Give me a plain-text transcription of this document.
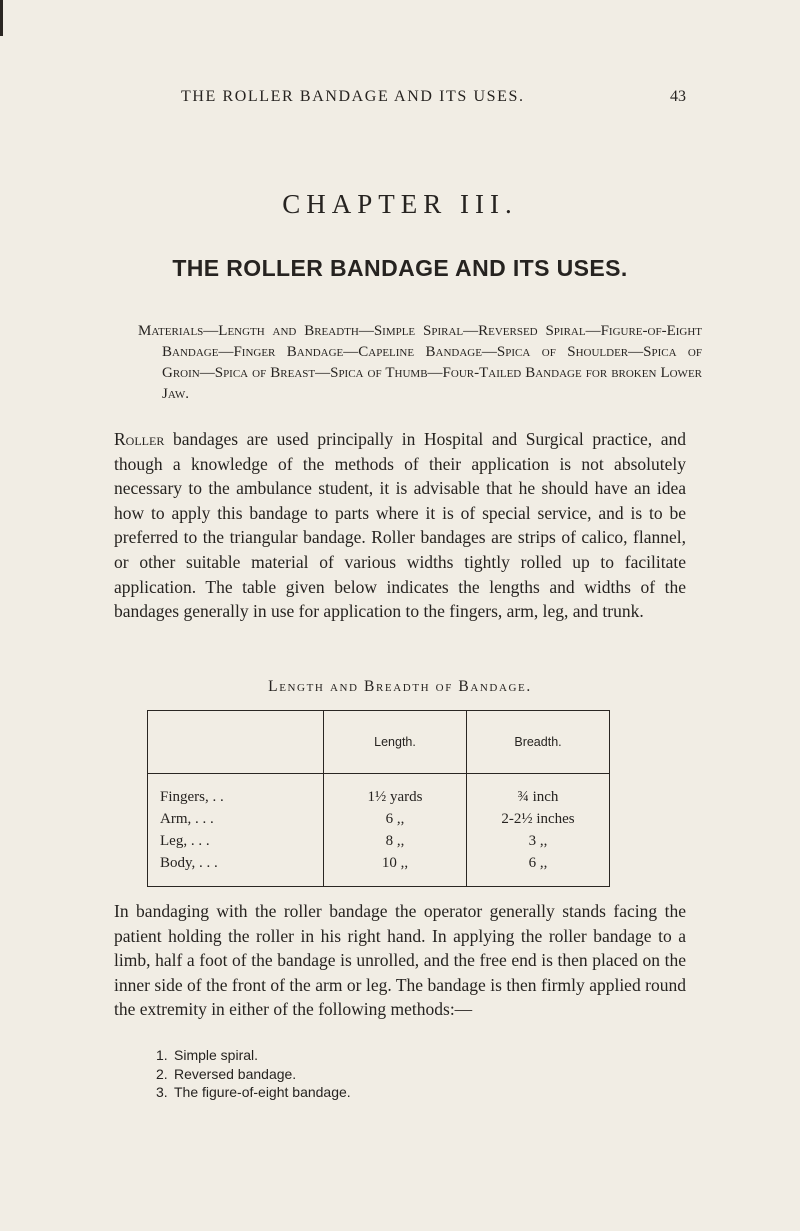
THE ROLLER BANDAGE AND ITS USES.	43
CHAPTER III.
THE ROLLER BANDAGE AND ITS USES.
Materials—Length and Breadth—Simple Spiral—Reversed Spiral—Figure-of-Eight Bandage—Finger Bandage—Capeline Bandage—Spica of Shoulder—Spica of Groin—Spica of Breast—Spica of Thumb—Four-Tailed Bandage for broken Lower Jaw.
Roller bandages are used principally in Hospital and Surgical practice, and though a knowledge of the methods of their application is not absolutely necessary to the ambulance student, it is advisable that he should have an idea how to apply this bandage to parts where it is of special service, and is to be preferred to the triangular bandage. Roller bandages are strips of calico, flannel, or other suitable material of various widths tightly rolled up to facilitate application. The table given below indicates the lengths and widths of the bandages generally in use for application to the fingers, arm, leg, and trunk.
Length and Breadth of Bandage.
	Length.	Breadth.
Fingers, . .	1½ yards	¾ inch
Arm, . . .	6 ,,	2-2½ inches
Leg, . . .	8 ,,	3 ,,
Body, . . .	10 ,,	6 ,,
In bandaging with the roller bandage the operator generally stands facing the patient holding the roller in his right hand. In applying the roller bandage to a limb, half a foot of the bandage is unrolled, and the free end is then placed on the inner side of the front of the arm or leg. The bandage is then firmly applied round the extremity in either of the following methods:—
1. Simple spiral.
2. Reversed bandage.
3. The figure-of-eight bandage.
